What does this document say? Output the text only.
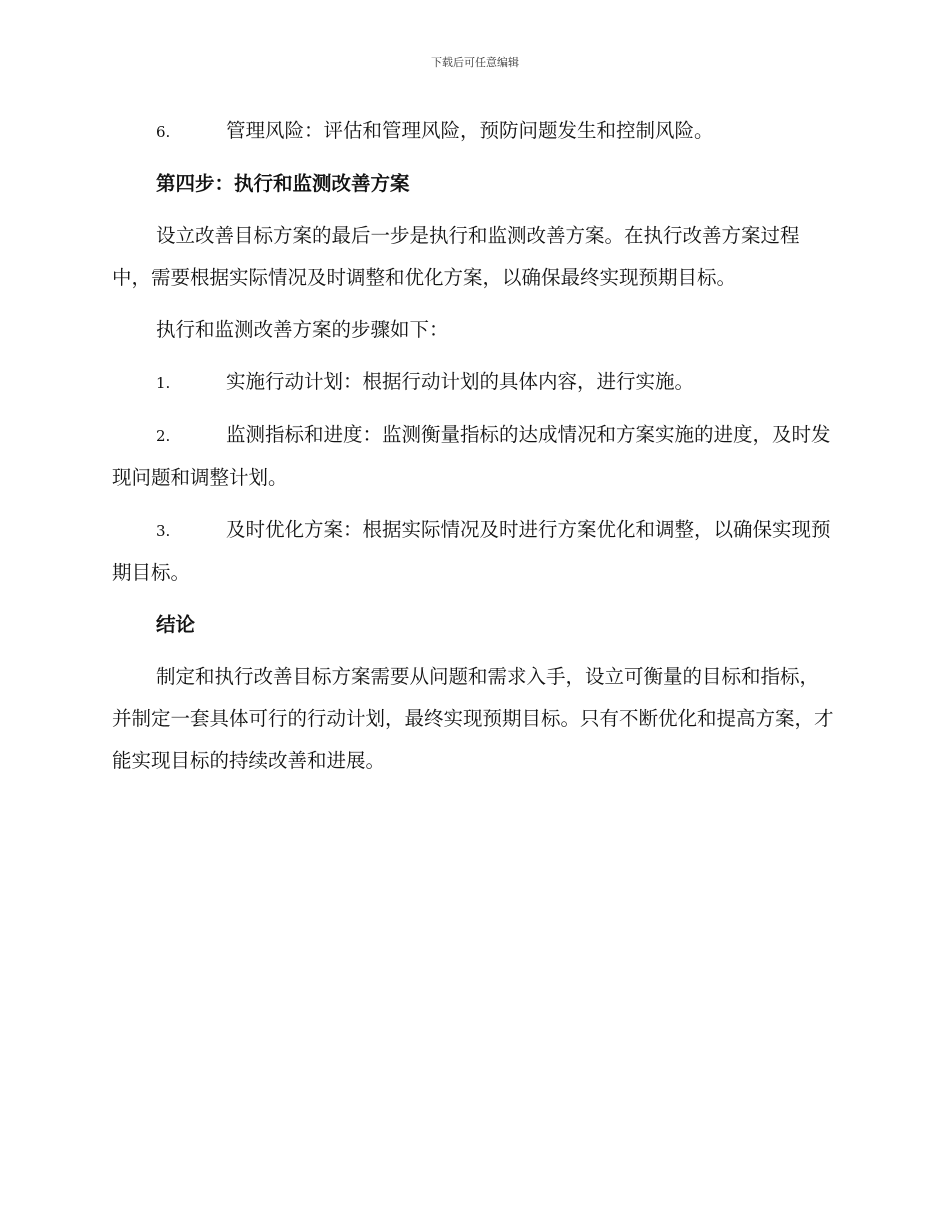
下载后可任意编辑

6.	管理风险：评估和管理风险，预防问题发生和控制风险。

第四步：执行和监测改善方案

设立改善目标方案的最后一步是执行和监测改善方案。在执行改善方案过程中，需要根据实际情况及时调整和优化方案，以确保最终实现预期目标。

执行和监测改善方案的步骤如下：

1.	实施行动计划：根据行动计划的具体内容，进行实施。

2.	监测指标和进度：监测衡量指标的达成情况和方案实施的进度，及时发现问题和调整计划。

3.	及时优化方案：根据实际情况及时进行方案优化和调整，以确保实现预期目标。

结论

制定和执行改善目标方案需要从问题和需求入手，设立可衡量的目标和指标，并制定一套具体可行的行动计划，最终实现预期目标。只有不断优化和提高方案，才能实现目标的持续改善和进展。
